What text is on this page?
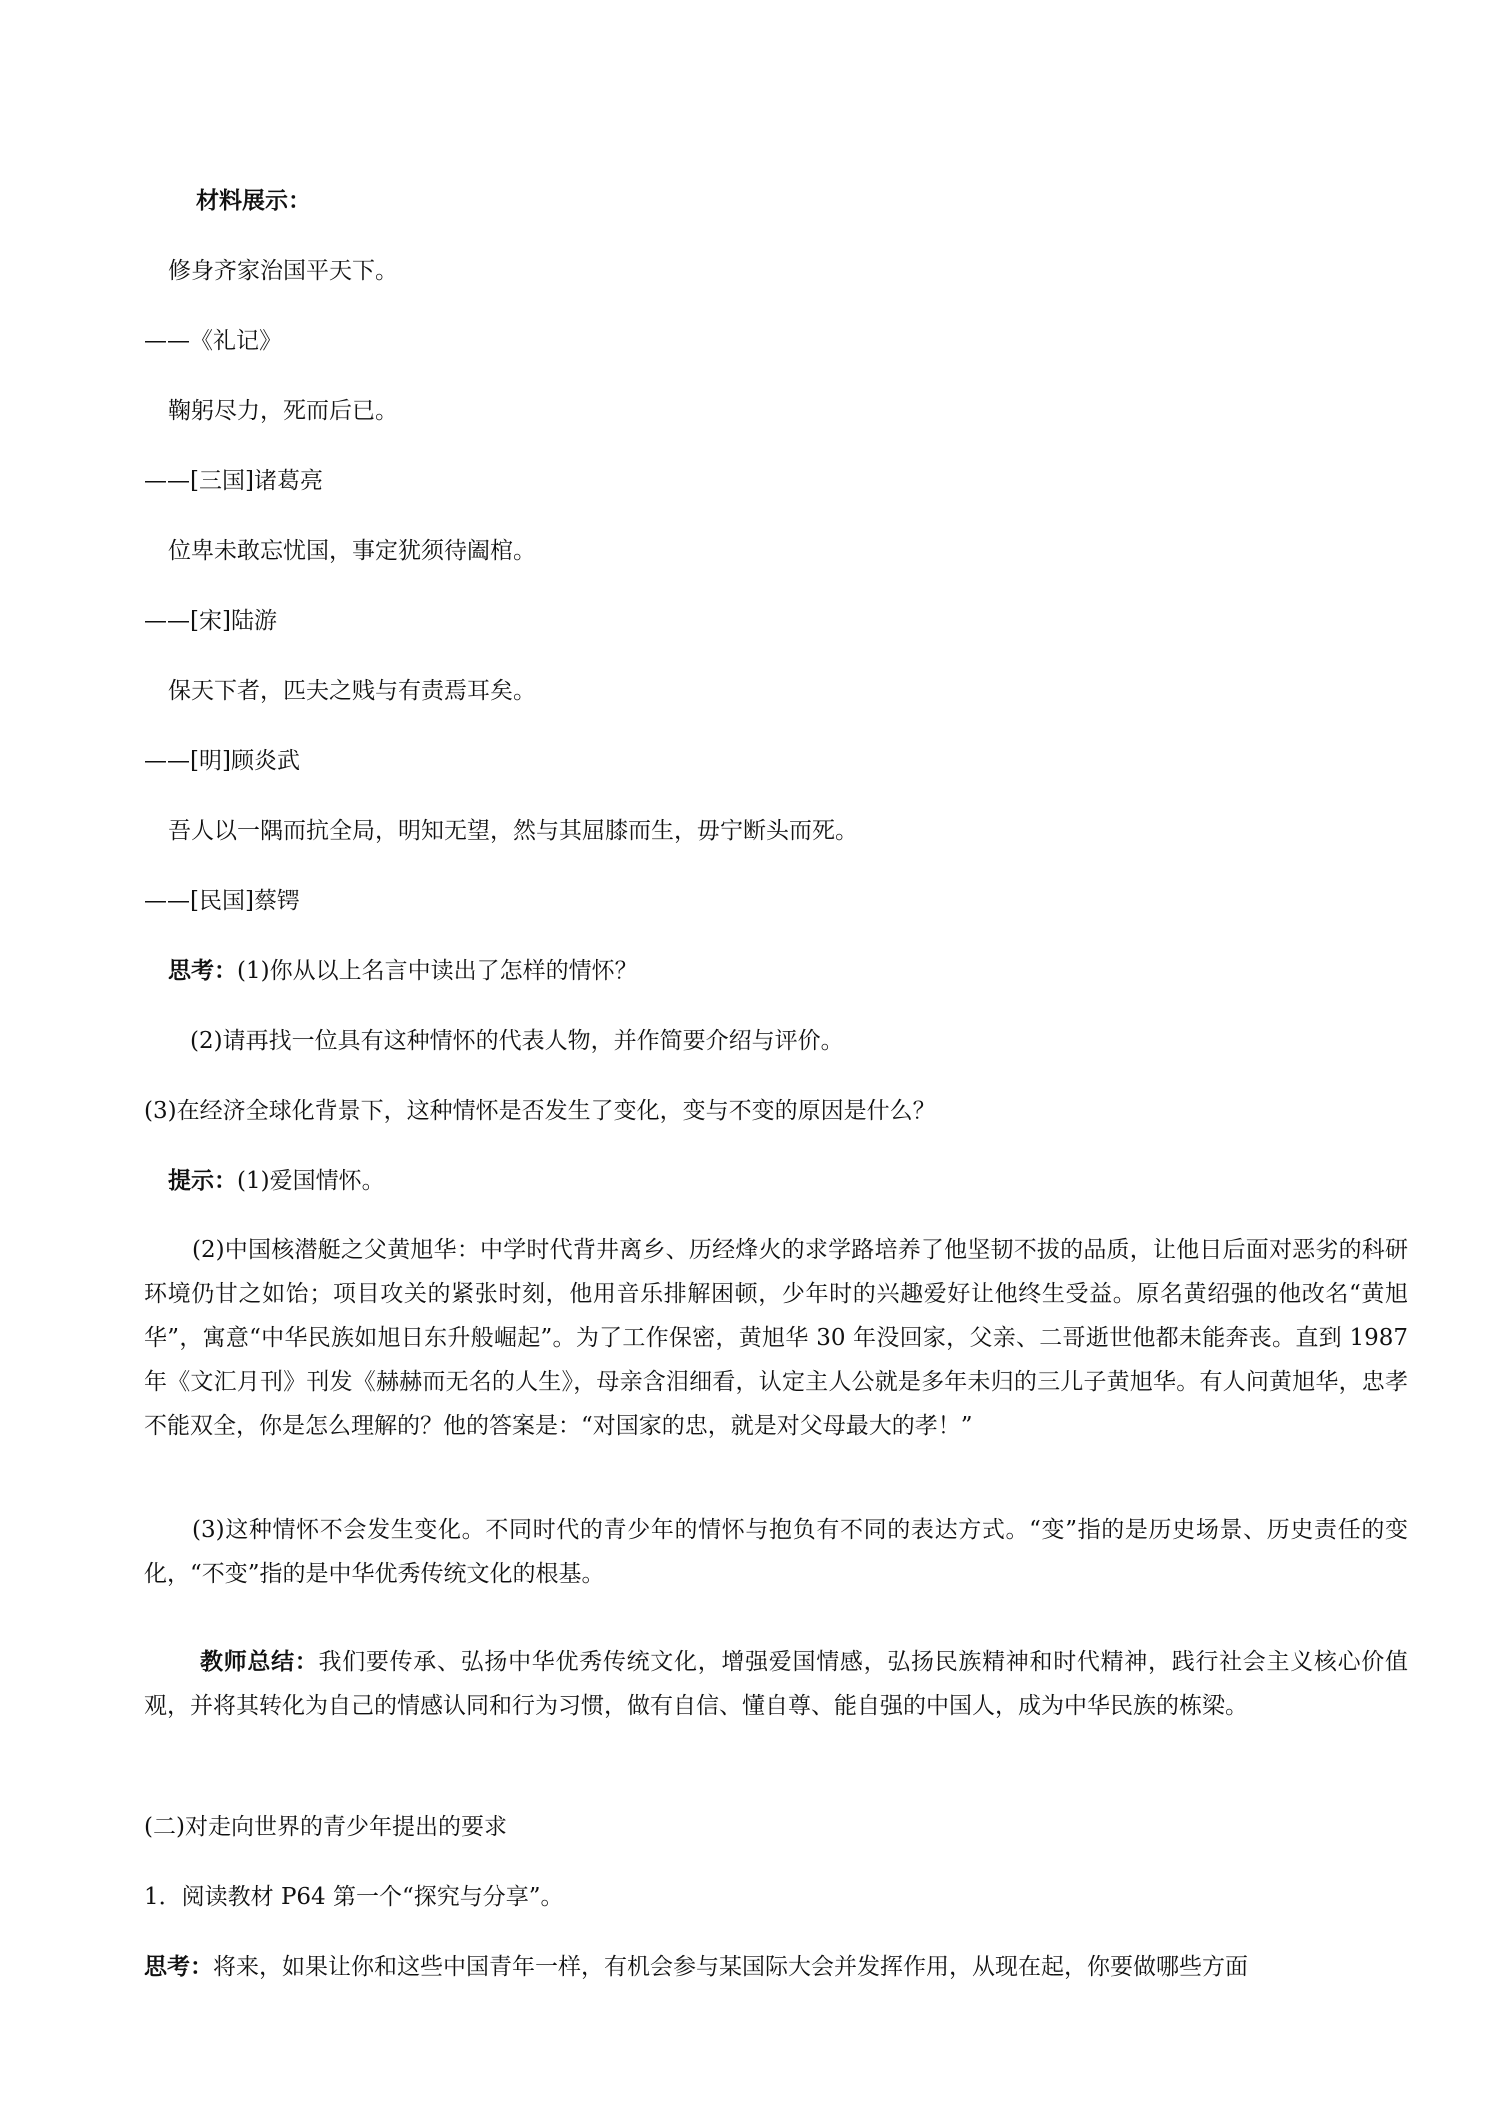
材料展示：
修身齐家治国平天下。
——《礼记》
鞠躬尽力，死而后已。
——[三国]诸葛亮
位卑未敢忘忧国，事定犹须待阖棺。
——[宋]陆游
保天下者，匹夫之贱与有责焉耳矣。
——[明]顾炎武
吾人以一隅而抗全局，明知无望，然与其屈膝而生，毋宁断头而死。
——[民国]蔡锷
思考：(1)你从以上名言中读出了怎样的情怀？
(2)请再找一位具有这种情怀的代表人物，并作简要介绍与评价。
(3)在经济全球化背景下，这种情怀是否发生了变化，变与不变的原因是什么？
提示：(1)爱国情怀。
(2)中国核潜艇之父黄旭华：中学时代背井离乡、历经烽火的求学路培养了他坚韧不拔的品质，让他日后面对恶劣的科研环境仍甘之如饴；项目攻关的紧张时刻，他用音乐排解困顿，少年时的兴趣爱好让他终生受益。原名黄绍强的他改名“黄旭华”，寓意“中华民族如旭日东升般崛起”。为了工作保密，黄旭华 30 年没回家，父亲、二哥逝世他都未能奔丧。直到 1987 年《文汇月刊》刊发《赫赫而无名的人生》，母亲含泪细看，认定主人公就是多年未归的三儿子黄旭华。有人问黄旭华，忠孝不能双全，你是怎么理解的？他的答案是：“对国家的忠，就是对父母最大的孝！”
(3)这种情怀不会发生变化。不同时代的青少年的情怀与抱负有不同的表达方式。“变”指的是历史场景、历史责任的变化，“不变”指的是中华优秀传统文化的根基。
教师总结：我们要传承、弘扬中华优秀传统文化，增强爱国情感，弘扬民族精神和时代精神，践行社会主义核心价值观，并将其转化为自己的情感认同和行为习惯，做有自信、懂自尊、能自强的中国人，成为中华民族的栋梁。
(二)对走向世界的青少年提出的要求
1．阅读教材 P64 第一个“探究与分享”。
思考：将来，如果让你和这些中国青年一样，有机会参与某国际大会并发挥作用，从现在起，你要做哪些方面
